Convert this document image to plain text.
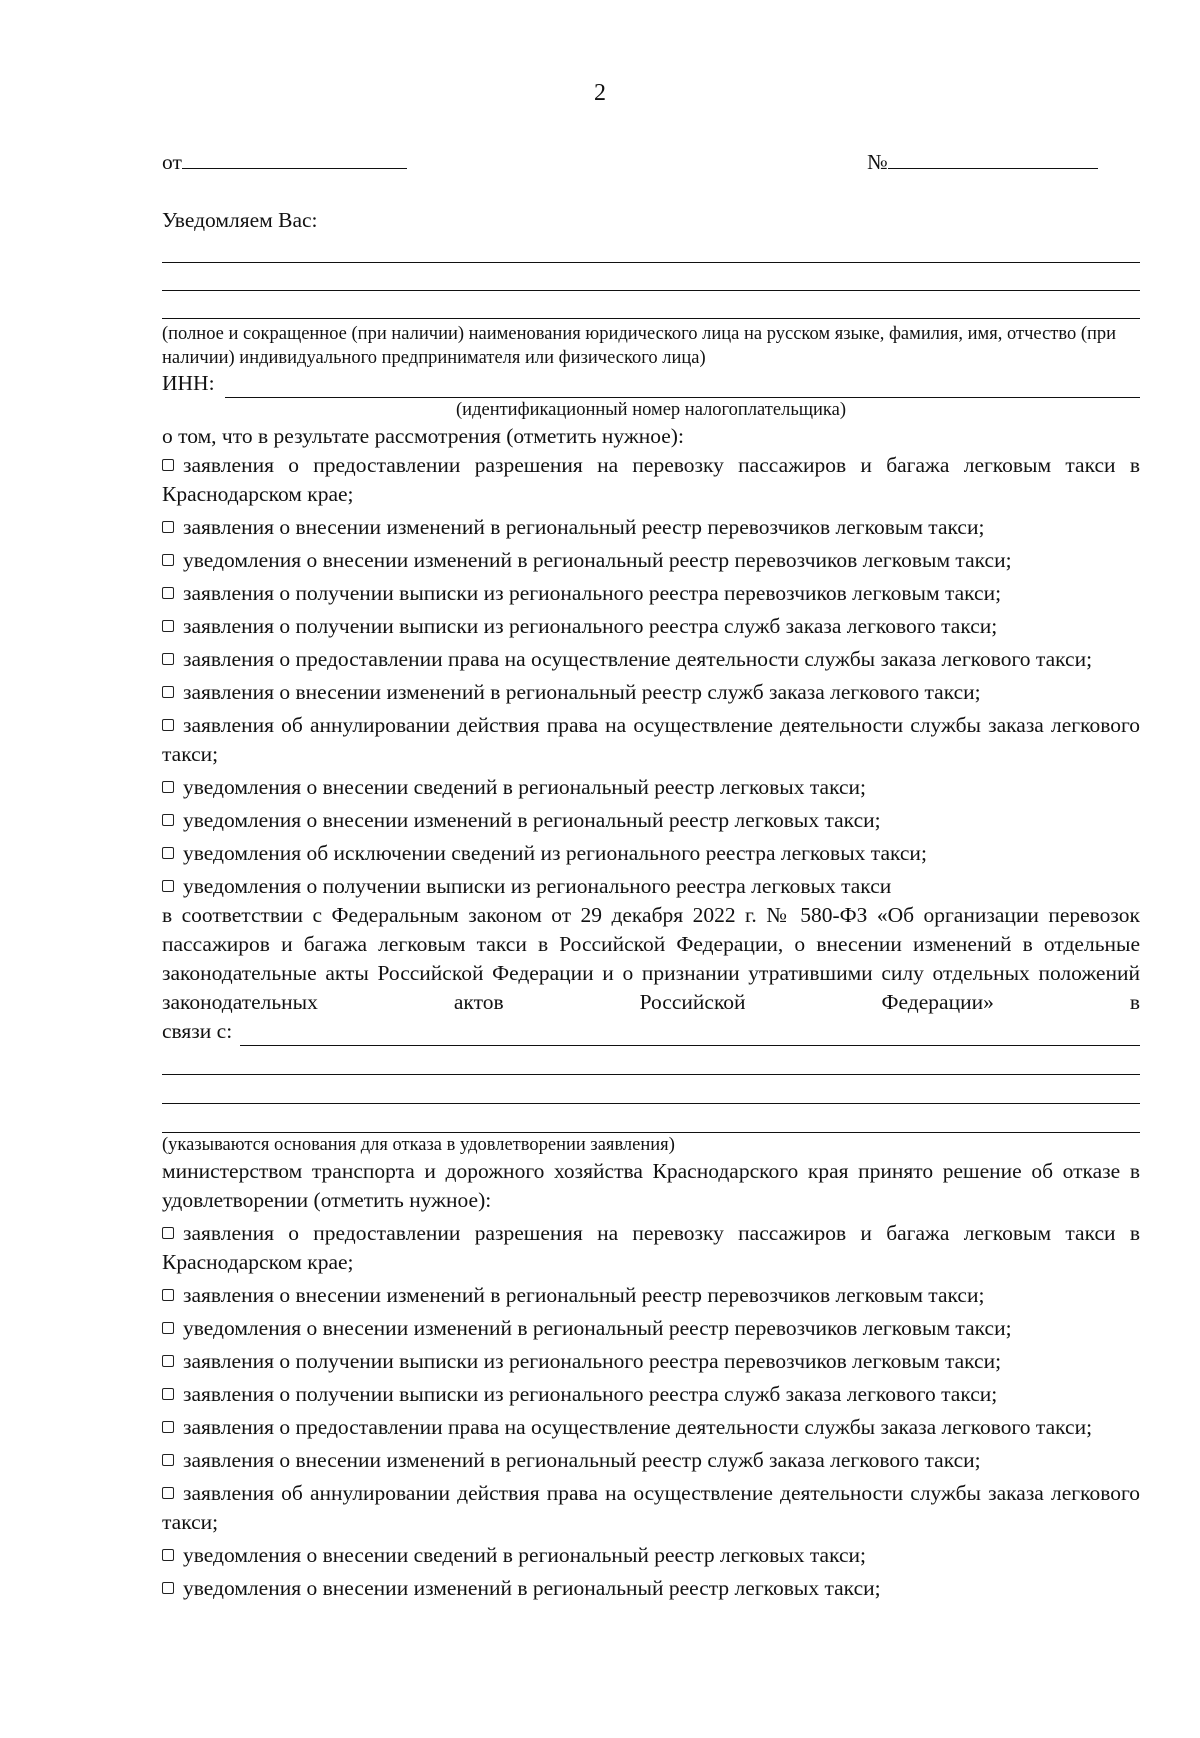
2
от	№
Уведомляем Вас:

(полное и сокращенное (при наличии) наименования юридического лица на русском языке, фамилия, имя, отчество (при наличии) индивидуального предпринимателя или физического лица)

ИНН:

(идентификационный номер налогоплательщика)

о том, что в результате рассмотрения (отметить нужное):

заявления о предоставлении разрешения на перевозку пассажиров и багажа легковым такси в Краснодарском крае;

заявления о внесении изменений в региональный реестр перевозчиков легковым такси;

уведомления о внесении изменений в региональный реестр перевозчиков легковым такси;

заявления о получении выписки из регионального реестра перевозчиков легковым такси;

заявления о получении выписки из регионального реестра служб заказа легкового такси;

заявления о предоставлении права на осуществление деятельности службы заказа легкового такси;

заявления о внесении изменений в региональный реестр служб заказа легкового такси;

заявления об аннулировании действия права на осуществление деятельности службы заказа легкового такси;

уведомления о внесении сведений в региональный реестр легковых такси;

уведомления о внесении изменений в региональный реестр легковых такси;

уведомления об исключении сведений из регионального реестра легковых такси;

уведомления о получении выписки из регионального реестра легковых такси

в соответствии с Федеральным законом от 29 декабря 2022 г. № 580-ФЗ «Об организации перевозок пассажиров и багажа легковым такси в Российской Федерации, о внесении изменений в отдельные законодательные акты Российской Федерации и о признании утратившими силу отдельных положений законодательных актов Российской Федерации» в

связи с:

(указываются основания для отказа в удовлетворении заявления)

министерством транспорта и дорожного хозяйства Краснодарского края принято решение об отказе в удовлетворении (отметить нужное):

заявления о предоставлении разрешения на перевозку пассажиров и багажа легковым такси в Краснодарском крае;

заявления о внесении изменений в региональный реестр перевозчиков легковым такси;

уведомления о внесении изменений в региональный реестр перевозчиков легковым такси;

заявления о получении выписки из регионального реестра перевозчиков легковым такси;

заявления о получении выписки из регионального реестра служб заказа легкового такси;

заявления о предоставлении права на осуществление деятельности службы заказа легкового такси;

заявления о внесении изменений в региональный реестр служб заказа легкового такси;

заявления об аннулировании действия права на осуществление деятельности службы заказа легкового такси;

уведомления о внесении сведений в региональный реестр легковых такси;

уведомления о внесении изменений в региональный реестр легковых такси;
